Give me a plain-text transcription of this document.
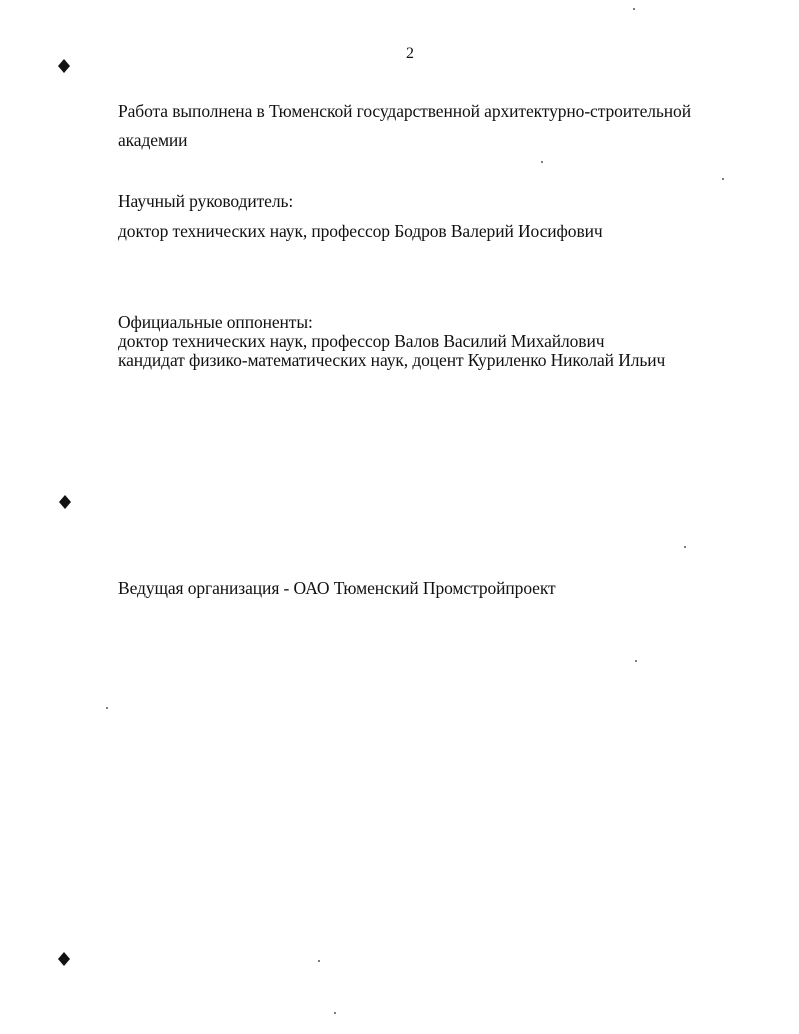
2
Работа выполнена в Тюменской государственной архитектурно-строительной
академии
Научный руководитель:
доктор технических наук, профессор Бодров Валерий Иосифович
Официальные оппоненты:
доктор технических наук, профессор Валов Василий Михайлович
кандидат физико-математических наук, доцент Куриленко Николай Ильич
Ведущая организация - ОАО Тюменский Промстройпроект
